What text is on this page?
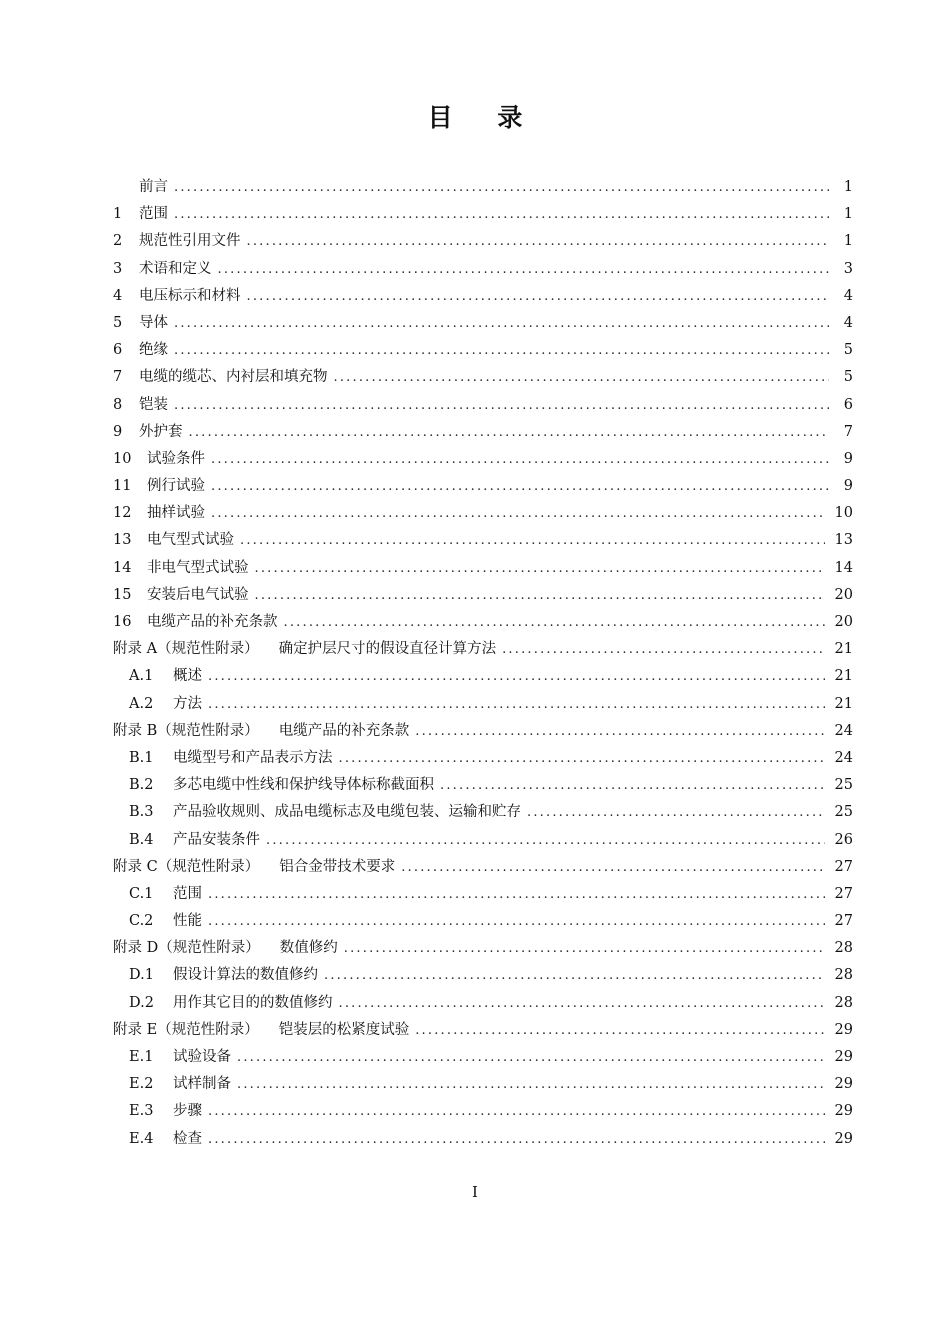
目 录
前言 .....	1
1	范围 .....	1
2	规范性引用文件 .....	1
3	术语和定义 .....	3
4	电压标示和材料 .....	4
5	导体 .....	4
6	绝缘 .....	5
7	电缆的缆芯、内衬层和填充物 .....	5
8	铠装 .....	6
9	外护套 .....	7
10	试验条件 .....	9
11	例行试验 .....	9
12	抽样试验 .....	10
13	电气型式试验 .....	13
14	非电气型式试验 .....	14
15	安装后电气试验 .....	20
16	电缆产品的补充条款 .....	20
附录 A（规范性附录） 确定护层尺寸的假设直径计算方法 .....	21
A.1	概述 .....	21
A.2	方法 .....	21
附录 B（规范性附录） 电缆产品的补充条款 .....	24
B.1	电缆型号和产品表示方法 .....	24
B.2	多芯电缆中性线和保护线导体标称截面积 .....	25
B.3	产品验收规则、成品电缆标志及电缆包装、运输和贮存 .....	25
B.4	产品安装条件 .....	26
附录 C（规范性附录） 铝合金带技术要求 .....	27
C.1	范围 .....	27
C.2	性能 .....	27
附录 D（规范性附录） 数值修约 .....	28
D.1	假设计算法的数值修约 .....	28
D.2	用作其它目的的数值修约 .....	28
附录 E（规范性附录） 铠装层的松紧度试验 .....	29
E.1	试验设备 .....	29
E.2	试样制备 .....	29
E.3	步骤 .....	29
E.4	检查 .....	29
I
